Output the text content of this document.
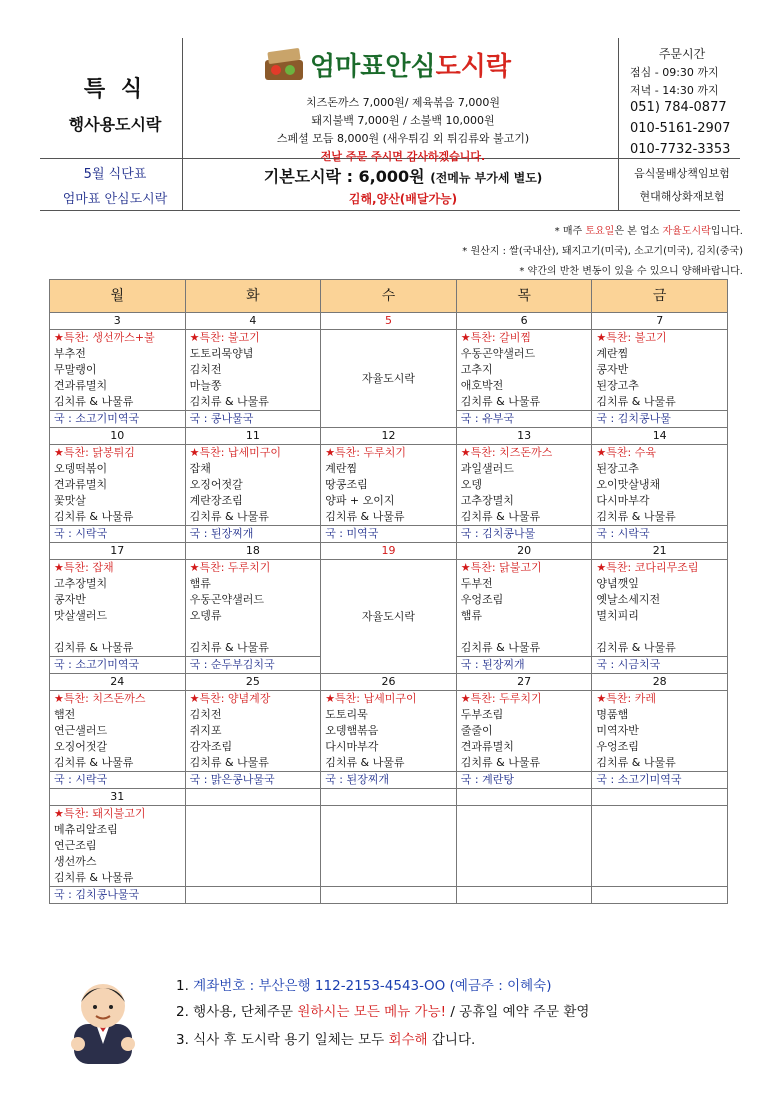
특 식
행사용도시락
5월 식단표
엄마표 안심도시락
엄마표안심도시락
치즈돈까스 7,000원/ 제육볶음 7,000원
돼지불백 7,000원 / 소불백 10,000원
스페셜 모듬 8,000원 (새우튀김 외 튀김류와 불고기)
전날 주문 주시면 감사하겠습니다.
기본도시락 : 6,000원 (전메뉴 부가세 별도)
김해,양산(배달가능)
주문시간
점심 - 09:30 까지
저녁 - 14:30 까지
051) 784-0877
010-5161-2907
010-7732-3353
음식물배상책임보험
현대해상화재보험
* 매주 토요일은 본 업소 자율도시락입니다.
* 원산지 : 쌀(국내산), 돼지고기(미국), 소고기(미국), 김치(중국)
* 약간의 반찬 변동이 있을 수 있으니 양해바랍니다.
월	화	수	목	금
3	4	5	6	7
★특찬: 생선까스+불	★특찬: 불고기	자율도시락	★특찬: 갈비찜	★특찬: 불고기
부추전	도토리묵양념		우동곤약샐러드	계란찜
무말랭이	김치전		고추지	콩자반
견과류멸치	마늘쫑		애호박전	된장고추
김치류 & 나물류	김치류 & 나물류		김치류 & 나물류	김치류 & 나물류
국 : 소고기미역국	국 : 콩나물국		국 : 유부국	국 : 김치콩나물
10	11	12	13	14
★특찬: 닭봉튀김	★특찬: 납세미구이	★특찬: 두루치기	★특찬: 치즈돈까스	★특찬: 수육
오뎅떡볶이	잡채	계란찜	과일샐러드	된장고추
견과류멸치	오징어젓갈	땅콩조림	오뎅	오이맛살냉채
꽃맛살	계란장조림	양파 + 오이지	고추장멸치	다시마부각
김치류 & 나물류	김치류 & 나물류	김치류 & 나물류	김치류 & 나물류	김치류 & 나물류
국 : 시락국	국 : 된장찌개	국 : 미역국	국 : 김치콩나물	국 : 시락국
17	18	19	20	21
★특찬: 잡채	★특찬: 두루치기	자율도시락	★특찬: 닭불고기	★특찬: 코다리무조림
고추장멸치	햄류		두부전	양념깻잎
콩자반	우동곤약샐러드		우엉조림	옛날소세지전
맛살샐러드	오뎅류		햄류	멸치피리

김치류 & 나물류	김치류 & 나물류		김치류 & 나물류	김치류 & 나물류
국 : 소고기미역국	국 : 순두부김치국		국 : 된장찌개	국 : 시금치국
24	25	26	27	28
★특찬: 치즈돈까스	★특찬: 양념계장	★특찬: 납세미구이	★특찬: 두루치기	★특찬: 카레
햄전	김치전	도토리묵	두부조림	명품햄
연근샐러드	쥐지포	오뎅햄볶음	줄줄이	미역자반
오징어젓갈	감자조림	다시마부각	견과류멸치	우엉조림
김치류 & 나물류	김치류 & 나물류	김치류 & 나물류	김치류 & 나물류	김치류 & 나물류
국 : 시락국	국 : 맑은콩나물국	국 : 된장찌개	국 : 계란탕	국 : 소고기미역국
31				
★특찬: 돼지불고기				
메츄리알조림				
연근조림				
생선까스				
김치류 & 나물류				
국 : 김치콩나물국				
1. 계좌번호 : 부산은행 112-2153-4543-OO (예금주 : 이혜숙)
2. 행사용, 단체주문 원하시는 모든 메뉴 가능! / 공휴일 예약 주문 환영
3. 식사 후 도시락 용기 일체는 모두 회수해 갑니다.
